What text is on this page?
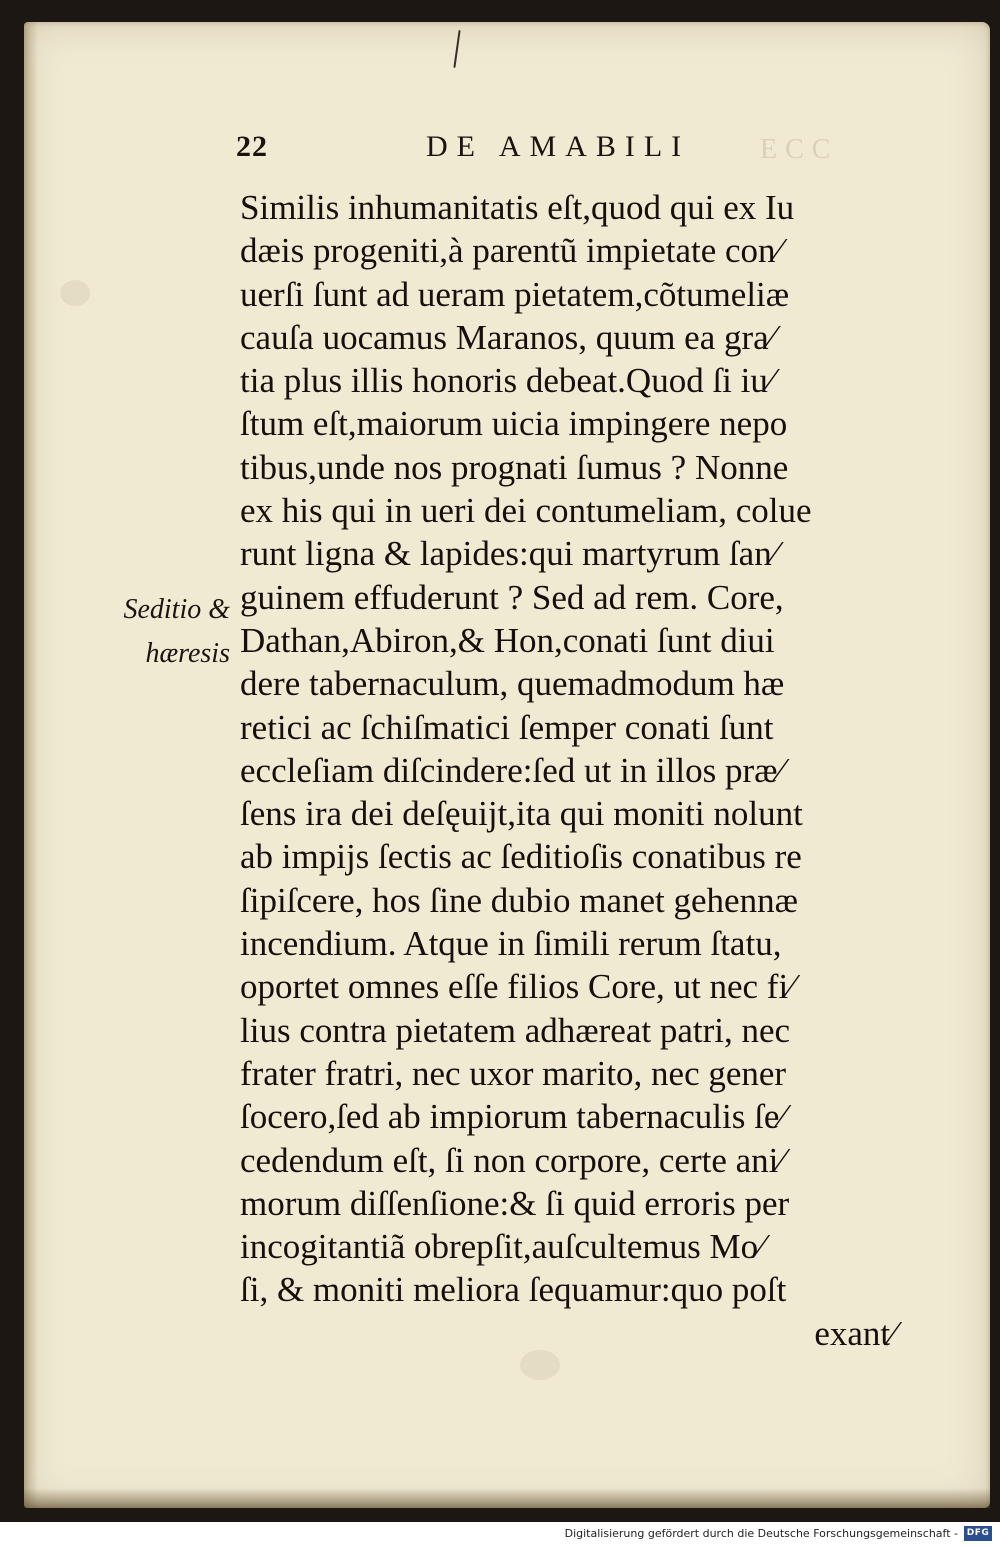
22	DE AMABILI ECC
Seditio &
hæresis
Similis inhumanitatis eſt,quod qui ex Iu
dæis progeniti,à parentũ impietate con⁄
uerſi ſunt ad ueram pietatem,cõtumeliæ
cauſa uocamus Maranos, quum ea gra⁄
tia plus illis honoris debeat.Quod ſi iu⁄
ſtum eſt,maiorum uicia impingere nepo
tibus,unde nos prognati ſumus ? Nonne
ex his qui in ueri dei contumeliam, colue
runt ligna & lapides:qui martyrum ſan⁄
guinem effuderunt ? Sed ad rem. Core,
Dathan,Abiron,& Hon,conati ſunt diui
dere tabernaculum, quemadmodum hæ
retici ac ſchiſmatici ſemper conati ſunt
eccleſiam diſcindere:ſed ut in illos præ⁄
ſens ira dei deſęuijt,ita qui moniti nolunt
ab impijs ſectis ac ſeditioſis conatibus re
ſipiſcere, hos ſine dubio manet gehennæ
incendium. Atque in ſimili rerum ſtatu,
oportet omnes eſſe filios Core, ut nec fi⁄
lius contra pietatem adhæreat patri, nec
frater fratri, nec uxor marito, nec gener
ſocero,ſed ab impiorum tabernaculis ſe⁄
cedendum eſt, ſi non corpore, certe ani⁄
morum diſſenſione:& ſi quid erroris per
incogitantiã obrepſit,auſcultemus Mo⁄
ſi, & moniti meliora ſequamur:quo poſt
exant⁄
Digitalisierung gefördert durch die Deutsche Forschungsgemeinschaft - DFG
